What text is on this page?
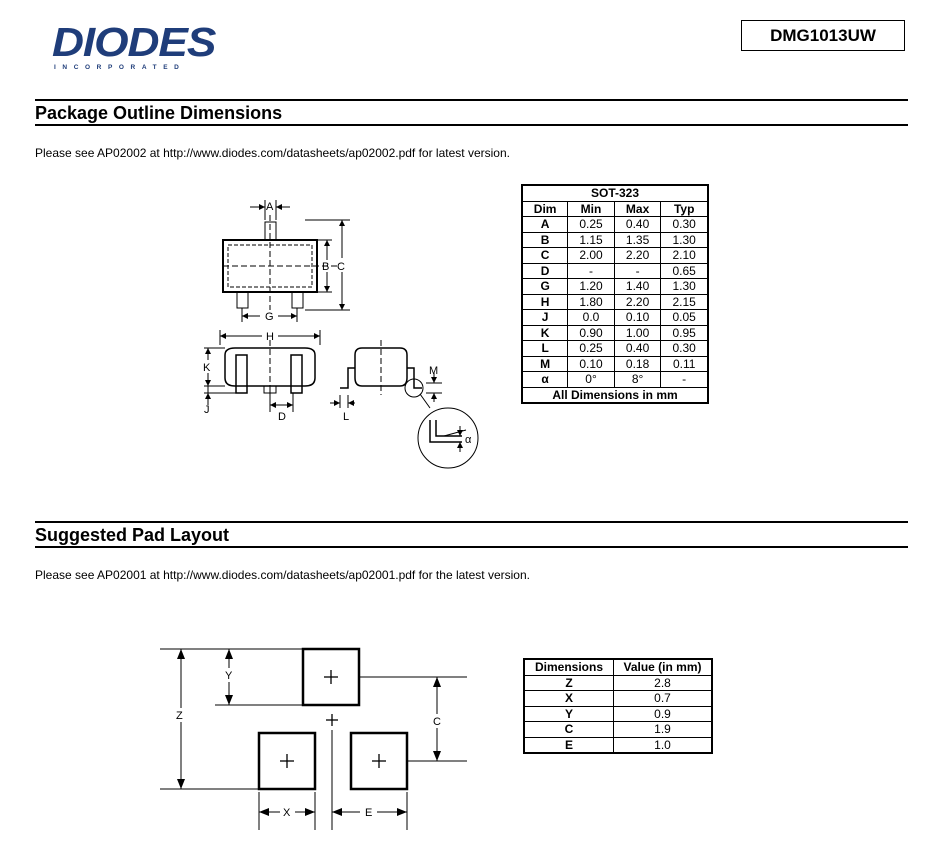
DIODES
INCORPORATED
DMG1013UW
Package Outline Dimensions
Please see AP02002 at http://www.diodes.com/datasheets/ap02002.pdf for latest version.
A
B C
G
H
K
J
D	L
M
α
SOT-323			
Dim	Min	Max	Typ
A	0.25	0.40	0.30
B	1.15	1.35	1.30
C	2.00	2.20	2.10
D	-	-	0.65
G	1.20	1.40	1.30
H	1.80	2.20	2.15
J	0.0	0.10	0.05
K	0.90	1.00	0.95
L	0.25	0.40	0.30
M	0.10	0.18	0.11
α	0°	8°	-
All Dimensions in mm			
Suggested Pad Layout
Please see AP02001 at http://www.diodes.com/datasheets/ap02001.pdf for the latest version.
Y
Z	C
X	E
Dimensions	Value (in mm)
Z	2.8
X	0.7
Y	0.9
C	1.9
E	1.0
